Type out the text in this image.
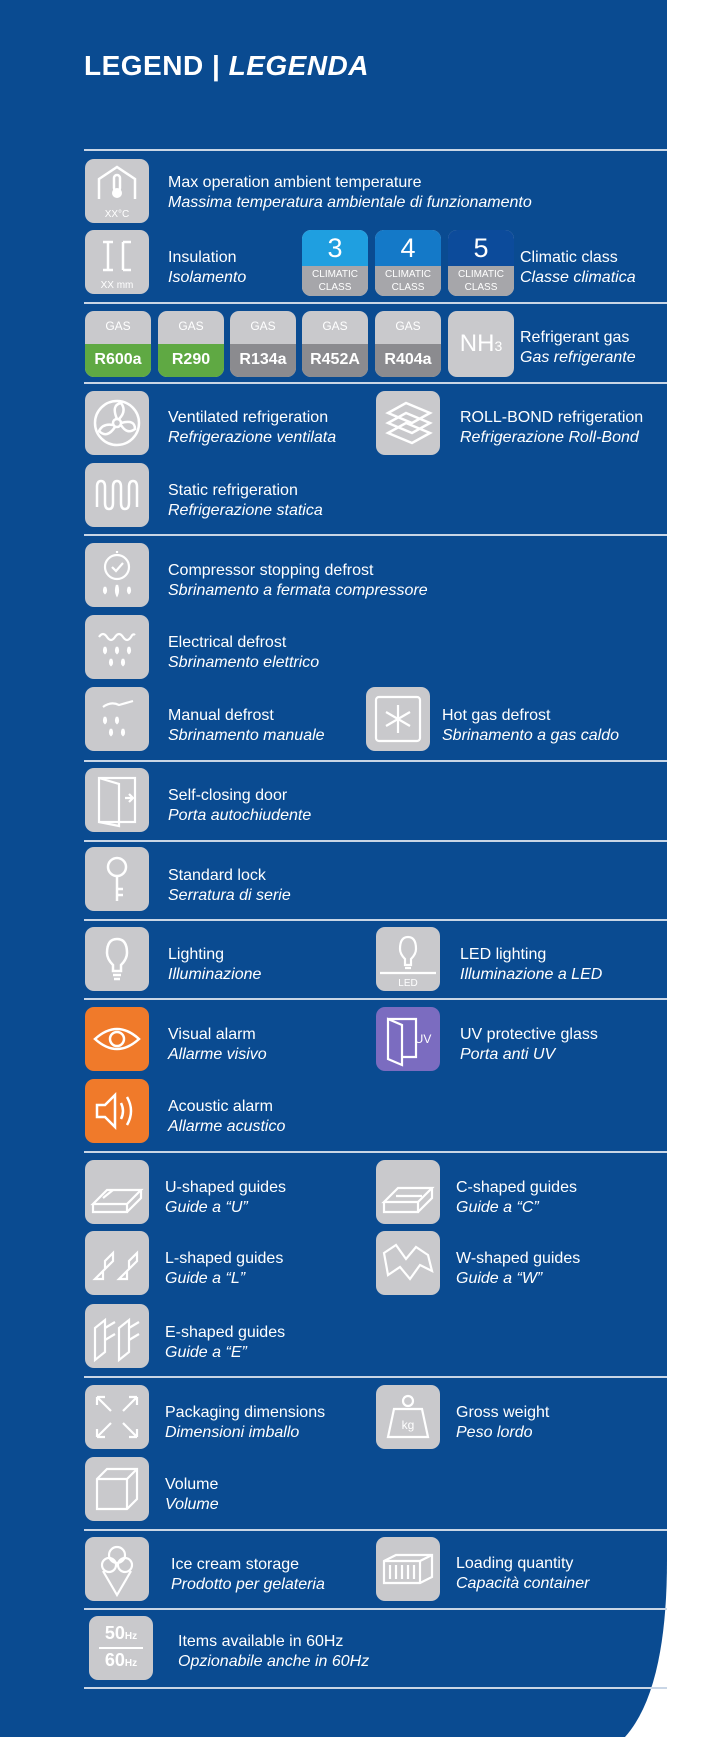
LEGEND | LEGENDA
XX°C
Max operation ambient temperature
Massima temperatura ambientale di funzionamento
XX mm
Insulation
Isolamento
3
CLIMATIC
CLASS
4
CLIMATIC
CLASS
5
CLIMATIC
CLASS
Climatic class
Classe climatica
GAS
R600a
GAS
R290
GAS
R134a
GAS
R452A
GAS
R404a
NH3	Refrigerant gas
Gas refrigerante
Ventilated refrigeration
Refrigerazione ventilata
ROLL-BOND refrigeration
Refrigerazione Roll-Bond
Static refrigeration
Refrigerazione statica
Compressor stopping defrost
Sbrinamento a fermata compressore
Electrical defrost
Sbrinamento elettrico
Manual defrost
Sbrinamento manuale
Hot gas defrost
Sbrinamento a gas caldo
Self-closing door
Porta autochiudente
Standard lock
Serratura di serie
Lighting
Illuminazione
LED
LED lighting
Illuminazione a LED
Visual alarm
Allarme visivo
UV UV protective glass
Porta anti UV
Acoustic alarm
Allarme acustico
U-shaped guides
Guide a “U”
C-shaped guides
Guide a “C”
L-shaped guides
Guide a “L”
W-shaped guides
Guide a “W”
E-shaped guides
Guide a “E”
Packaging dimensions
Dimensioni imballo	kg
Gross weight
Peso lordo
Volume
Volume
Ice cream storage
Prodotto per gelateria
Loading quantity
Capacità container
50Hz
60Hz
Items available in 60Hz
Opzionabile anche in 60Hz
